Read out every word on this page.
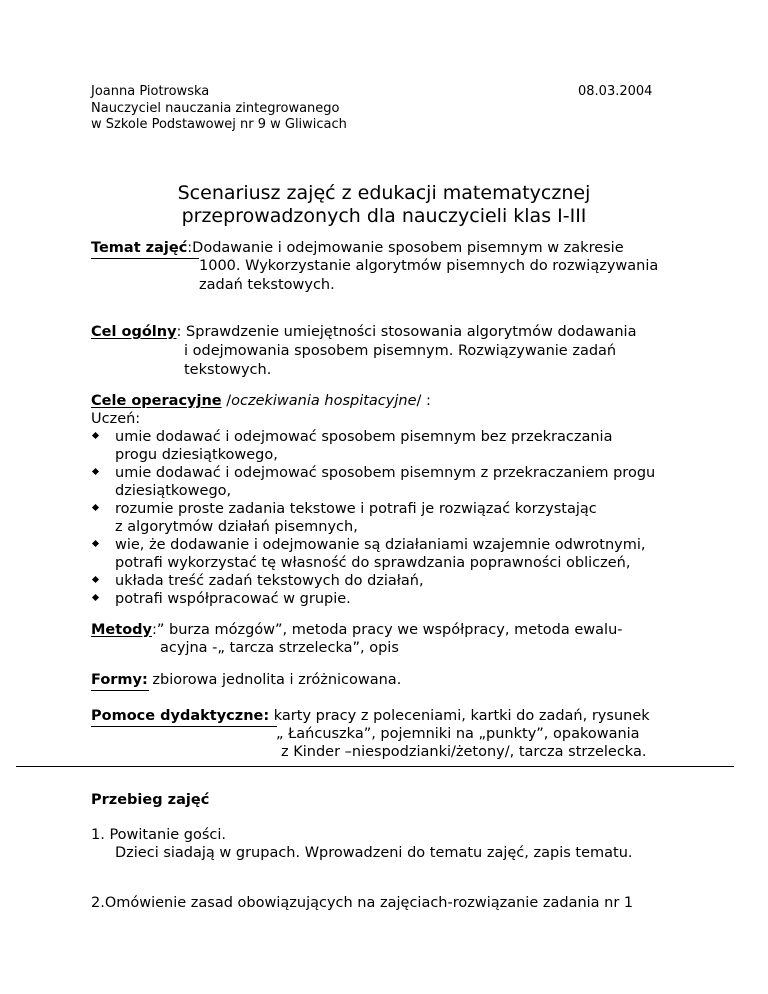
Joanna Piotrowska
Nauczyciel nauczania zintegrowanego
w Szkole Podstawowej nr 9 w Gliwicach
08.03.2004
Scenariusz zajęć z edukacji matematycznej
przeprowadzonych dla nauczycieli klas I-III
Temat zajęć:Dodawanie i odejmowanie sposobem pisemnym w zakresie
1000. Wykorzystanie algorytmów pisemnych do rozwiązywania
zadań tekstowych.
Cel ogólny: Sprawdzenie umiejętności stosowania algorytmów dodawania
i odejmowania sposobem pisemnym. Rozwiązywanie zadań
tekstowych.
Cele operacyjne /oczekiwania hospitacyjne/ :
Uczeń:
umie dodawać i odejmować sposobem pisemnym bez przekraczania
progu dziesiątkowego,
umie dodawać i odejmować sposobem pisemnym z przekraczaniem progu
dziesiątkowego,
rozumie proste zadania tekstowe i potrafi je rozwiązać korzystając
z algorytmów działań pisemnych,
wie, że dodawanie i odejmowanie są działaniami wzajemnie odwrotnymi,
potrafi wykorzystać tę własność do sprawdzania poprawności obliczeń,
układa treść zadań tekstowych do działań,
potrafi współpracować w grupie.
Metody:” burza mózgów”, metoda pracy we współpracy, metoda ewalu-
acyjna -„ tarcza strzelecka”, opis
Formy: zbiorowa jednolita i zróżnicowana.
Pomoce dydaktyczne: karty pracy z poleceniami, kartki do zadań, rysunek
„ Łańcuszka”, pojemniki na „punkty”, opakowania
z Kinder –niespodzianki/żetony/, tarcza strzelecka.
Przebieg zajęć
1. Powitanie gości.
Dzieci siadają w grupach. Wprowadzeni do tematu zajęć, zapis tematu.
2.Omówienie zasad obowiązujących na zajęciach-rozwiązanie zadania nr 1
